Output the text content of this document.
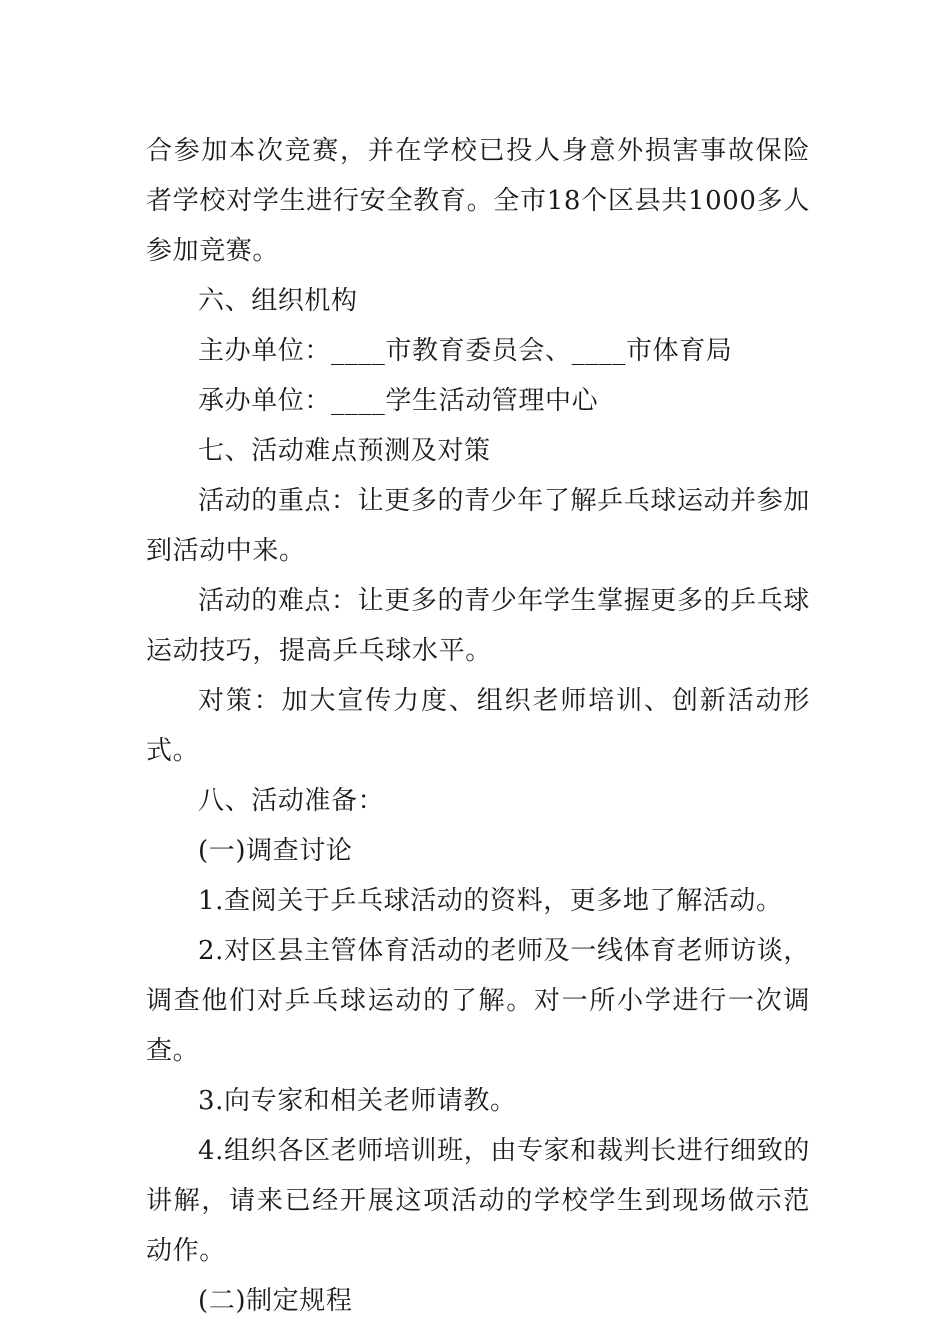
合参加本次竞赛，并在学校已投人身意外损害事故保险者学校对学生进行安全教育。全市18个区县共1000多人参加竞赛。

六、组织机构

主办单位：____市教育委员会、____市体育局

承办单位：____学生活动管理中心

七、活动难点预测及对策

活动的重点：让更多的青少年了解乒乓球运动并参加到活动中来。

活动的难点：让更多的青少年学生掌握更多的乒乓球运动技巧，提高乒乓球水平。

对策：加大宣传力度、组织老师培训、创新活动形式。

八、活动准备：

(一)调查讨论

1.查阅关于乒乓球活动的资料，更多地了解活动。

2.对区县主管体育活动的老师及一线体育老师访谈，调查他们对乒乓球运动的了解。对一所小学进行一次调查。

3.向专家和相关老师请教。

4.组织各区老师培训班，由专家和裁判长进行细致的讲解，请来已经开展这项活动的学校学生到现场做示范动作。

(二)制定规程
